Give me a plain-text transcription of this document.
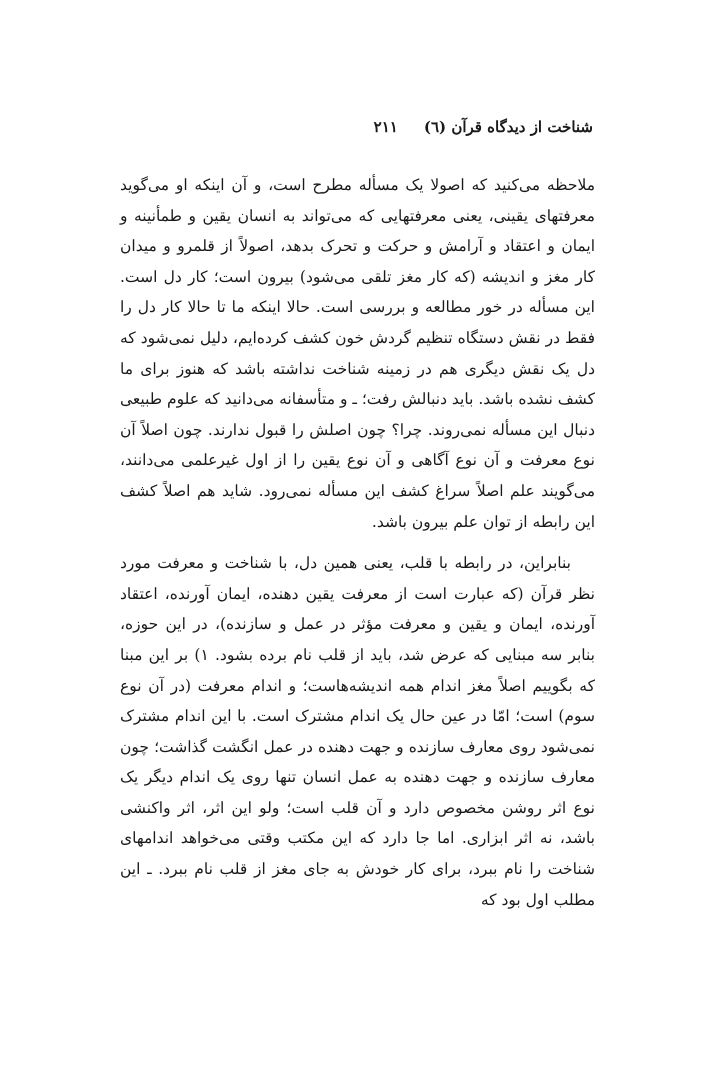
شناخت از دیدگاه قرآن (٦)
٢١١

ملاحظه می‌کنید که اصولا یک مسأله مطرح است، و آن اینکه او می‌گوید معرفتهای یقینی، یعنی معرفتهایی که می‌تواند به انسان یقین و طمأنینه و ایمان و اعتقاد و آرامش و حرکت و تحرک بدهد، اصولاً از قلمرو و میدان کار مغز و اندیشه (که کار مغز تلقی می‌شود) بیرون است؛ کار دل است. این مسأله در خور مطالعه و بررسی است. حالا اینکه ما تا حالا کار دل را فقط در نقش دستگاه تنظیم گردش خون کشف کرده‌ایم، دلیل نمی‌شود که دل یک نقش دیگری هم در زمینه شناخت نداشته باشد که هنوز برای ما کشف نشده باشد. باید دنبالش رفت؛ ـ و متأسفانه می‌دانید که علوم طبیعی دنبال این مسأله نمی‌روند. چرا؟ چون اصلش را قبول ندارند. چون اصلاً آن نوع معرفت و آن نوع آگاهی و آن نوع یقین را از اول غیرعلمی می‌دانند، می‌گویند علم اصلاً سراغ کشف این مسأله نمی‌رود. شاید هم اصلاً کشف این رابطه از توان علم بیرون باشد.

بنابراین، در رابطه با قلب، یعنی همین دل، با شناخت و معرفت مورد نظر قرآن (که عبارت است از معرفت یقین دهنده، ایمان آورنده، اعتقاد آورنده، ایمان و یقین و معرفت مؤثر در عمل و سازنده)، در این حوزه، بنابر سه مبنایی که عرض شد، باید از قلب نام برده بشود. ١) بر این مبنا که بگوییم اصلاً مغز اندام همه اندیشه‌هاست؛ و اندام معرفت (در آن نوع سوم) است؛ امّا در عین حال یک اندام مشترک است. با این اندام مشترک نمی‌شود روی معارف سازنده و جهت دهنده در عمل انگشت گذاشت؛ چون معارف سازنده و جهت دهنده به عمل انسان تنها روی یک اندام دیگر یک نوع اثر روشن مخصوص دارد و آن قلب است؛ ولو این اثر، اثر واکنشی باشد، نه اثر ابزاری. اما جا دارد که این مکتب وقتی می‌خواهد اندامهای شناخت را نام ببرد، برای کار خودش به جای مغز از قلب نام ببرد. ـ این مطلب اول بود که
